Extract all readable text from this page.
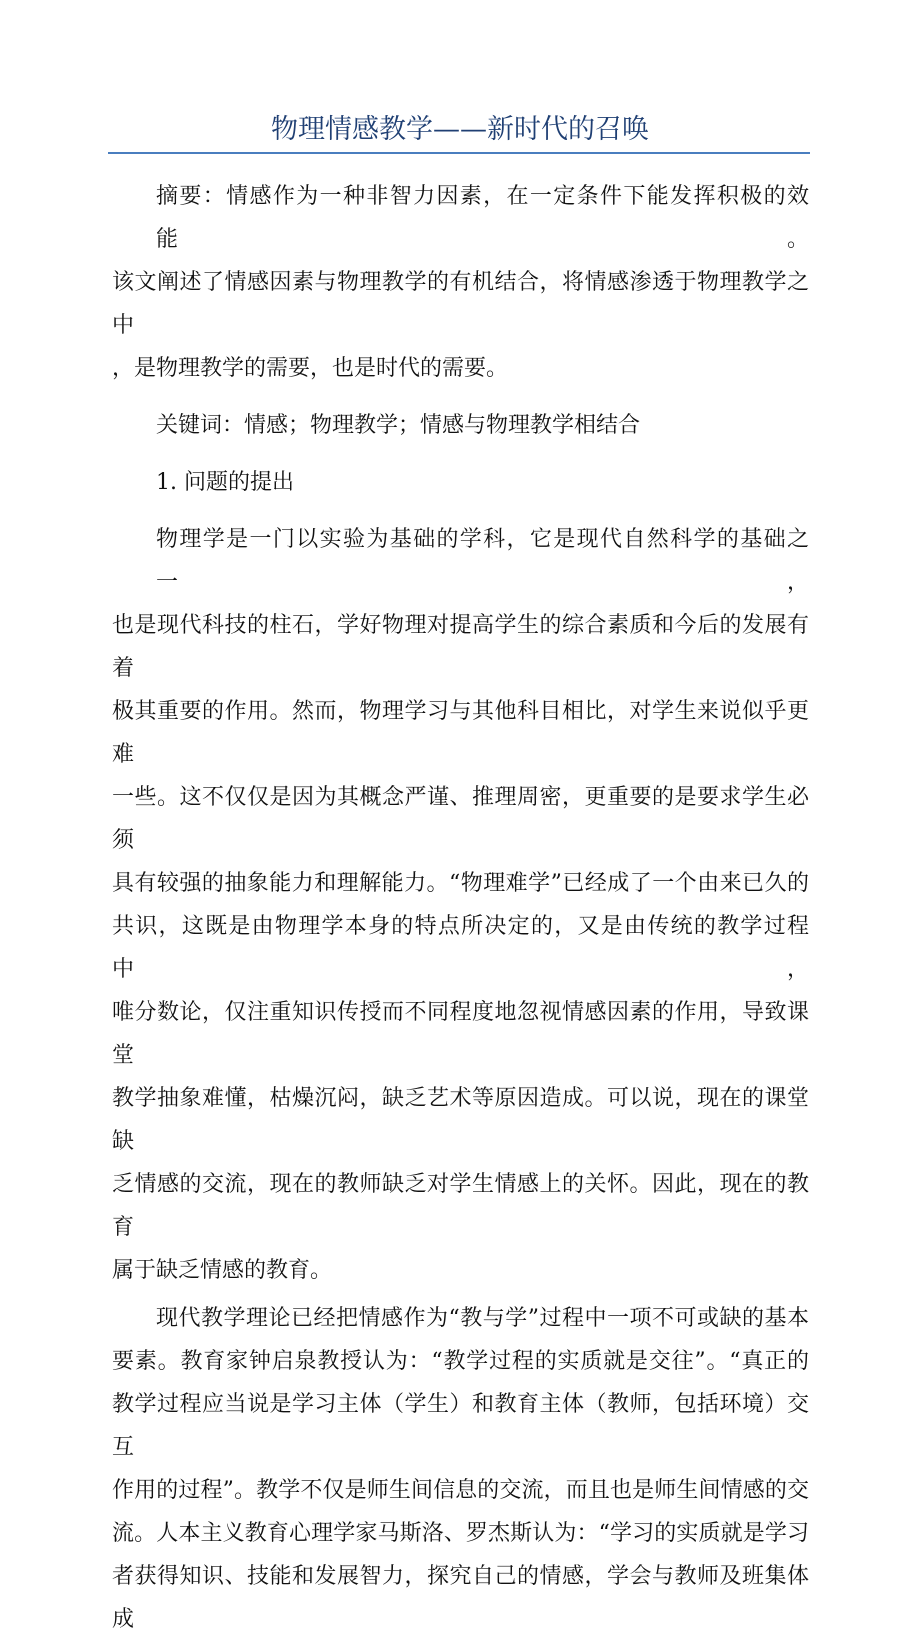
物理情感教学——新时代的召唤
摘要：情感作为一种非智力因素，在一定条件下能发挥积极的效能。
该文阐述了情感因素与物理教学的有机结合，将情感渗透于物理教学之中
，是物理教学的需要，也是时代的需要。
关键词：情感；物理教学；情感与物理教学相结合
1. 问题的提出
物理学是一门以实验为基础的学科，它是现代自然科学的基础之一，
也是现代科技的柱石，学好物理对提高学生的综合素质和今后的发展有着
极其重要的作用。然而，物理学习与其他科目相比，对学生来说似乎更难
一些。这不仅仅是因为其概念严谨、推理周密，更重要的是要求学生必须
具有较强的抽象能力和理解能力。“物理难学”已经成了一个由来已久的
共识，这既是由物理学本身的特点所决定的，又是由传统的教学过程中，
唯分数论，仅注重知识传授而不同程度地忽视情感因素的作用，导致课堂
教学抽象难懂，枯燥沉闷，缺乏艺术等原因造成。可以说，现在的课堂缺
乏情感的交流，现在的教师缺乏对学生情感上的关怀。因此，现在的教育
属于缺乏情感的教育。
现代教学理论已经把情感作为“教与学”过程中一项不可或缺的基本
要素。教育家钟启泉教授认为：“教学过程的实质就是交往”。“真正的
教学过程应当说是学习主体（学生）和教育主体（教师，包括环境）交互
作用的过程”。教学不仅是师生间信息的交流，而且也是师生间情感的交
流。人本主义教育心理学家马斯洛、罗杰斯认为：“学习的实质就是学习
者获得知识、技能和发展智力，探究自己的情感，学会与教师及班集体成
